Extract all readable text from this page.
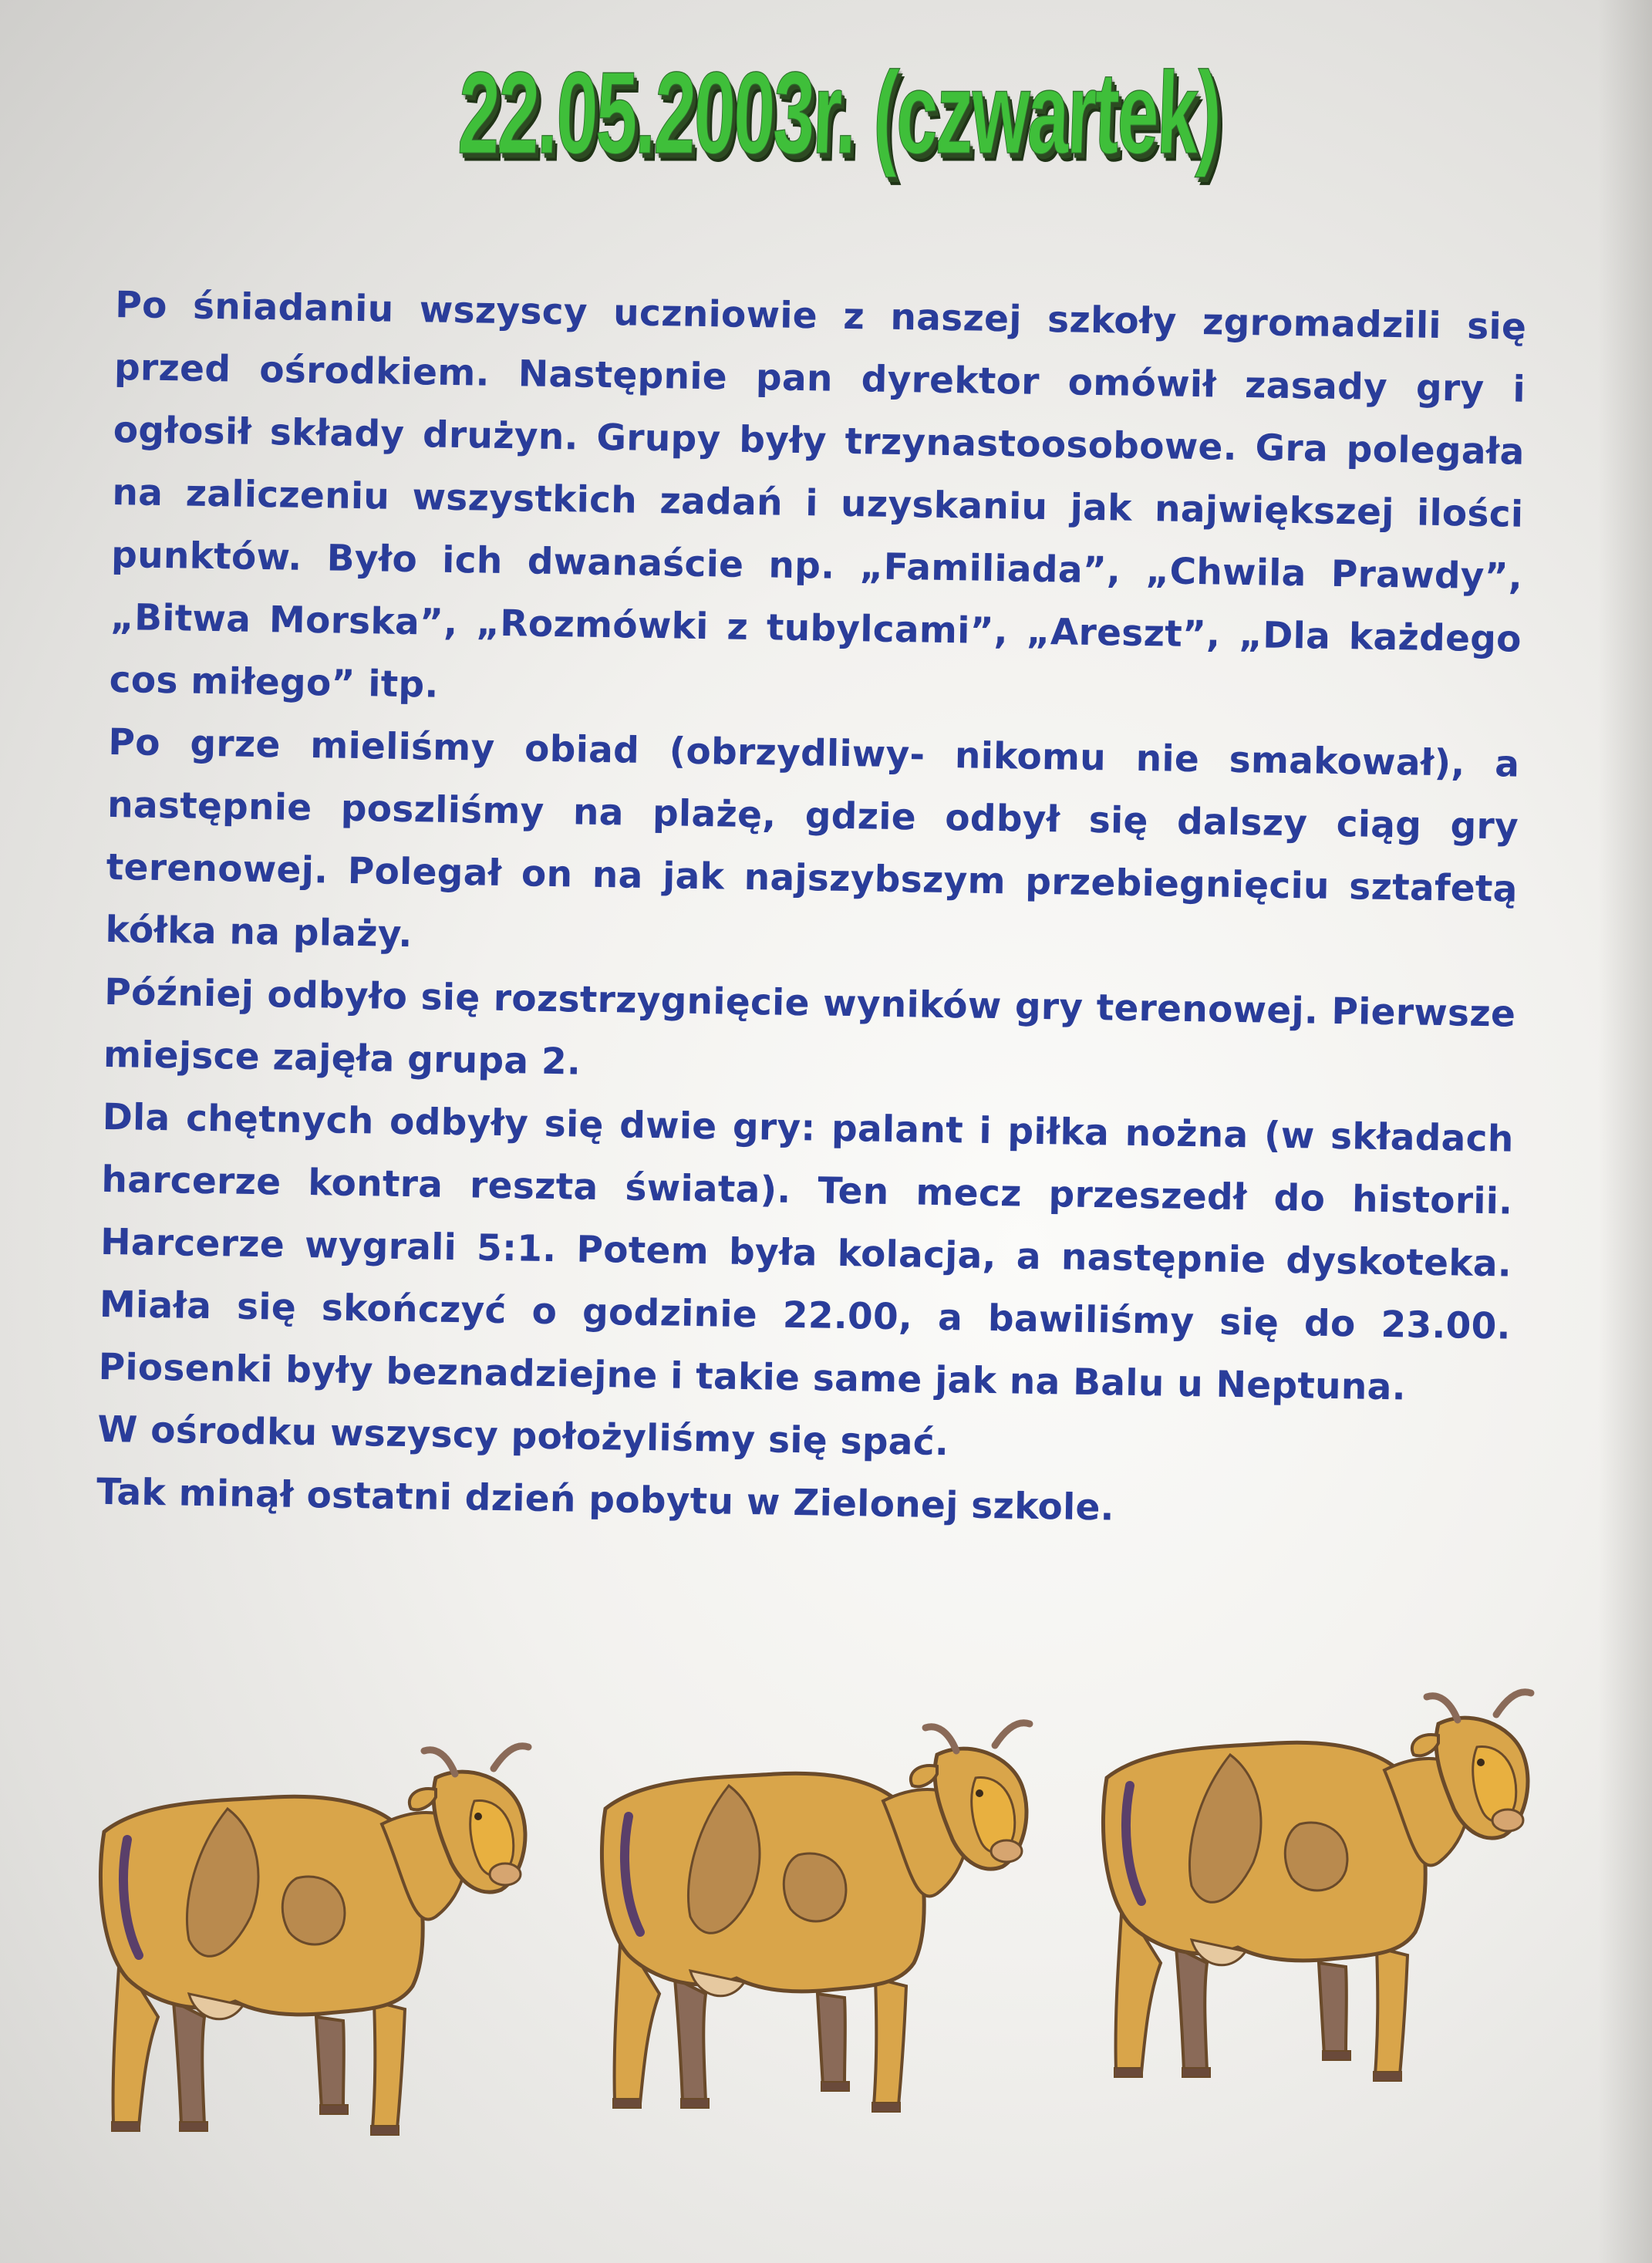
22.05.2003r. (czwartek)

Po śniadaniu wszyscy uczniowie z naszej szkoły zgromadzili się przed ośrodkiem. Następnie pan dyrektor omówił zasady gry i ogłosił składy drużyn. Grupy były trzynastoosobowe. Gra polegała na zaliczeniu wszystkich zadań i uzyskaniu jak największej ilości punktów. Było ich dwanaście np. „Familiada”, „Chwila Prawdy”, „Bitwa Morska”, „Rozmówki z tubylcami”, „Areszt”, „Dla każdego cos miłego” itp.

Po grze mieliśmy obiad (obrzydliwy- nikomu nie smakował), a następnie poszliśmy na plażę, gdzie odbył się dalszy ciąg gry terenowej. Polegał on na jak najszybszym przebiegnięciu sztafetą kółka na plaży.

Później odbyło się rozstrzygnięcie wyników gry terenowej. Pierwsze miejsce zajęła grupa 2.

Dla chętnych odbyły się dwie gry: palant i piłka nożna (w składach harcerze kontra reszta świata). Ten mecz przeszedł do historii. Harcerze wygrali 5:1. Potem była kolacja, a następnie dyskoteka. Miała się skończyć o godzinie 22.00, a bawiliśmy się do 23.00. Piosenki były beznadziejne i takie same jak na Balu u Neptuna.

W ośrodku wszyscy położyliśmy się spać.

Tak minął ostatni dzień pobytu w Zielonej szkole.
